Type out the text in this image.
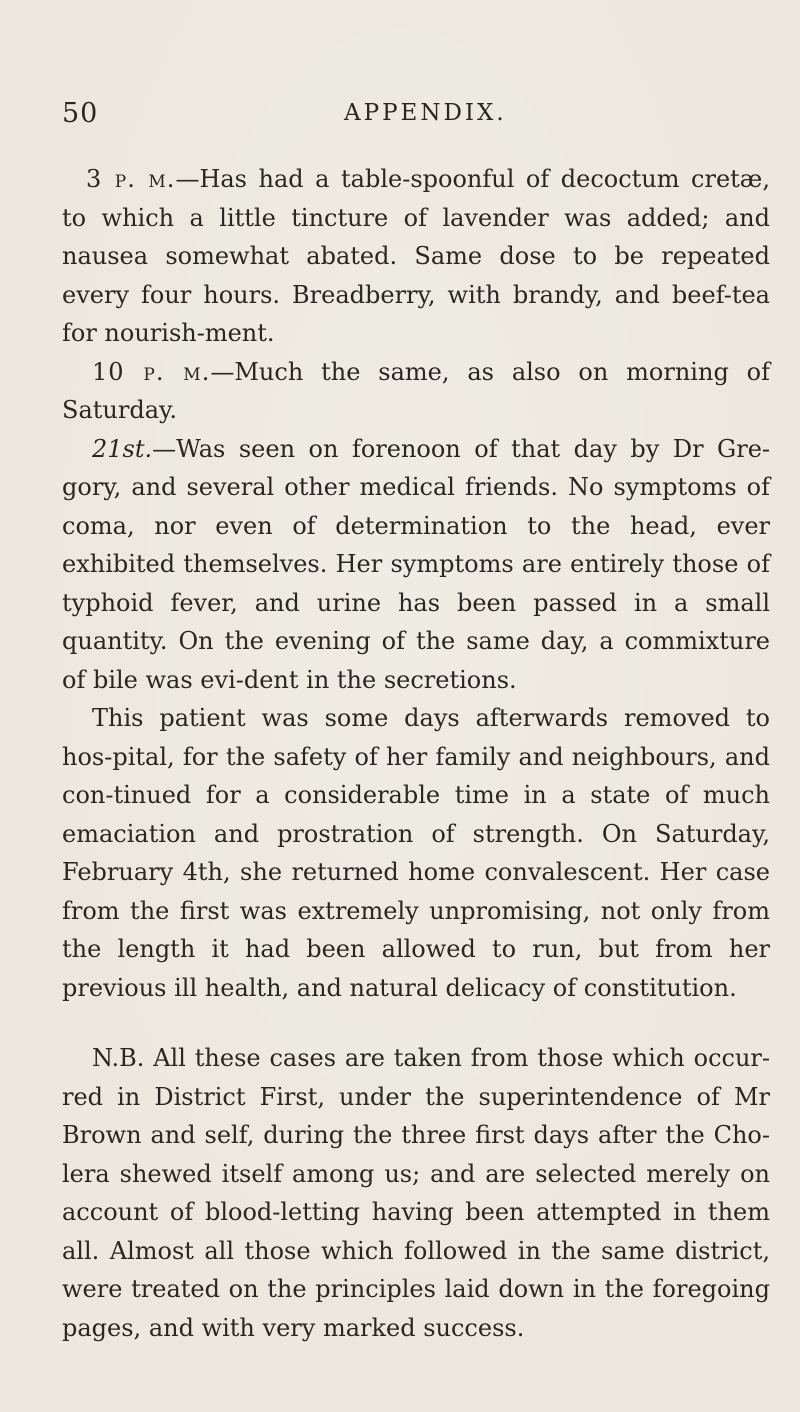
50	APPENDIX.

3 p. m.—Has had a table-spoonful of decoctum cretæ, to which a little tincture of lavender was added; and nausea somewhat abated. Same dose to be repeated every four hours. Breadberry, with brandy, and beef-tea for nourish-ment.

10 p. m.—Much the same, as also on morning of Saturday.

21st.—Was seen on forenoon of that day by Dr Gre-gory, and several other medical friends. No symptoms of coma, nor even of determination to the head, ever exhibited themselves. Her symptoms are entirely those of typhoid fever, and urine has been passed in a small quantity. On the evening of the same day, a commixture of bile was evi-dent in the secretions.

This patient was some days afterwards removed to hos-pital, for the safety of her family and neighbours, and con-tinued for a considerable time in a state of much emaciation and prostration of strength. On Saturday, February 4th, she returned home convalescent. Her case from the first was extremely unpromising, not only from the length it had been allowed to run, but from her previous ill health, and natural delicacy of constitution.

N.B. All these cases are taken from those which occur-red in District First, under the superintendence of Mr Brown and self, during the three first days after the Cho-lera shewed itself among us; and are selected merely on account of blood-letting having been attempted in them all. Almost all those which followed in the same district, were treated on the principles laid down in the foregoing pages, and with very marked success.
